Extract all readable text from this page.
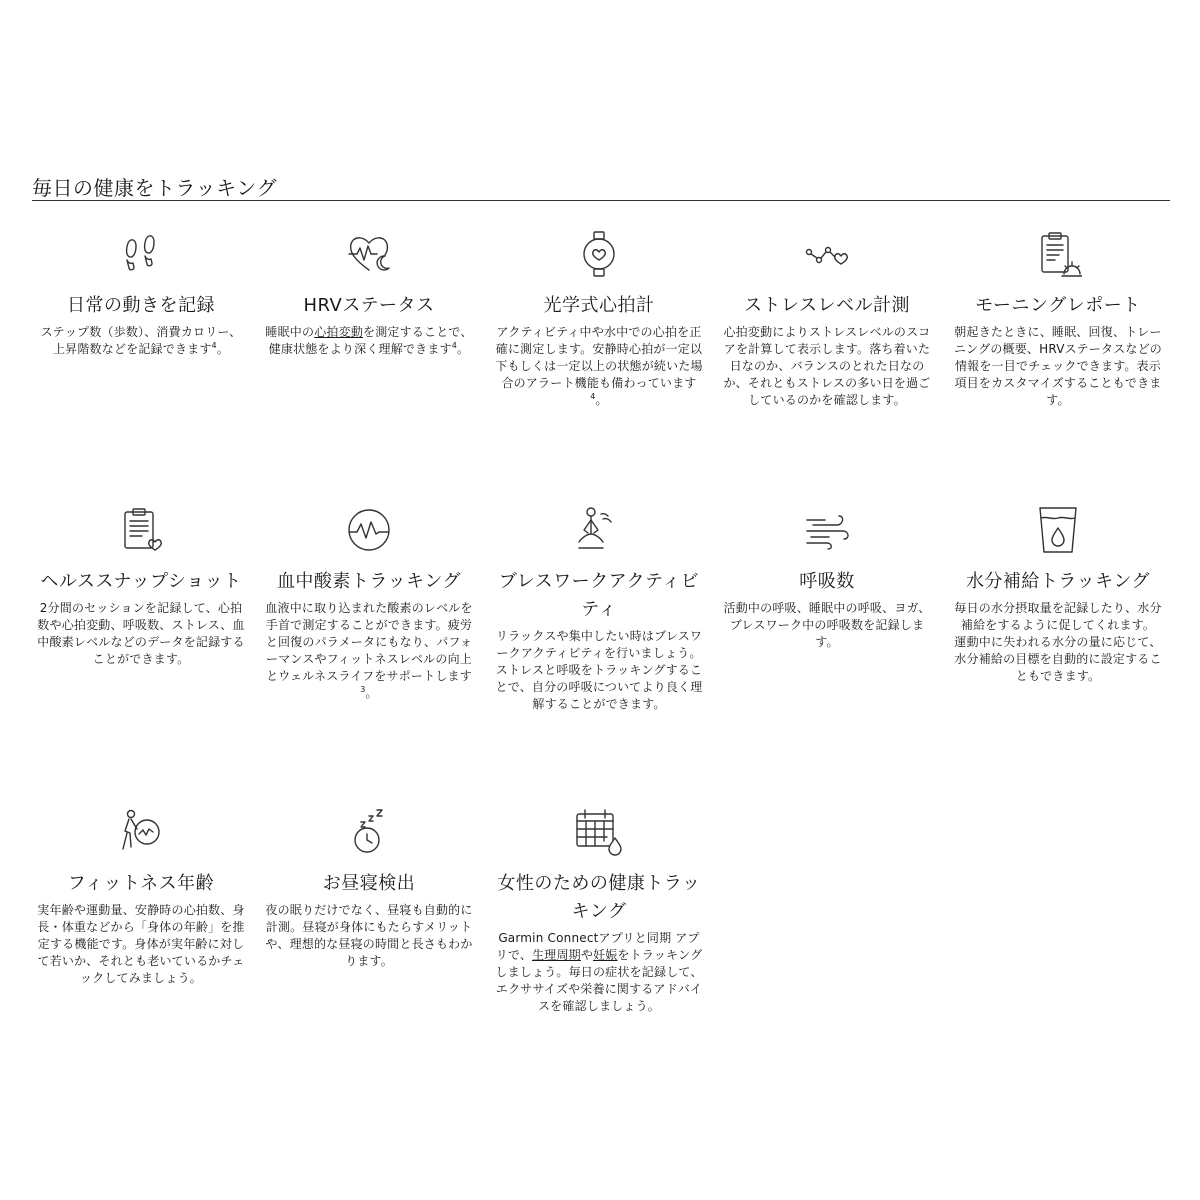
毎日の健康をトラッキング
日常の動きを記録

ステップ数（歩数）、消費カロリー、上昇階数などを記録できます$^4$。

HRVステータス

睡眠中の心拍変動を測定することで、健康状態をより深く理解できます$^4$。

光学式心拍計

アクティビティ中や水中での心拍を正確に測定します。安静時心拍が一定以下もしくは一定以上の状態が続いた場合のアラート機能も備わっています$^4$。

ストレスレベル計測

心拍変動によりストレスレベルのスコアを計算して表示します。落ち着いた日なのか、バランスのとれた日なのか、それともストレスの多い日を過ごしているのかを確認します。

モーニングレポート

朝起きたときに、睡眠、回復、トレーニングの概要、HRVステータスなどの情報を一目でチェックできます。表示項目をカスタマイズすることもできます。

ヘルススナップショット

2分間のセッションを記録して、心拍数や心拍変動、呼吸数、ストレス、血中酸素レベルなどのデータを記録することができます。

血中酸素トラッキング

血液中に取り込まれた酸素のレベルを手首で測定することができます。疲労と回復のパラメータにもなり、パフォーマンスやフィットネスレベルの向上とウェルネスライフをサポートします$^3$。

ブレスワークアクティビティ

リラックスや集中したい時はブレスワークアクティビティを行いましょう。ストレスと呼吸をトラッキングすることで、自分の呼吸についてより良く理解することができます。

呼吸数

活動中の呼吸、睡眠中の呼吸、ヨガ、ブレスワーク中の呼吸数を記録します。

水分補給トラッキング

毎日の水分摂取量を記録したり、水分補給をするように促してくれます。 運動中に失われる水分の量に応じて、水分補給の目標を自動的に設定することもできます。

フィットネス年齢

実年齢や運動量、安静時の心拍数、身長・体重などから「身体の年齢」を推定する機能です。身体が実年齢に対して若いか、それとも老いているかチェックしてみましょう。

お昼寝検出

夜の眠りだけでなく、昼寝も自動的に計測。昼寝が身体にもたらすメリットや、理想的な昼寝の時間と長さもわかります。

女性のための健康トラッキング

Garmin Connectアプリと同期 アプリで、生理周期や妊娠をトラッキングしましょう。毎日の症状を記録して、エクササイズや栄養に関するアドバイスを確認しましょう。
